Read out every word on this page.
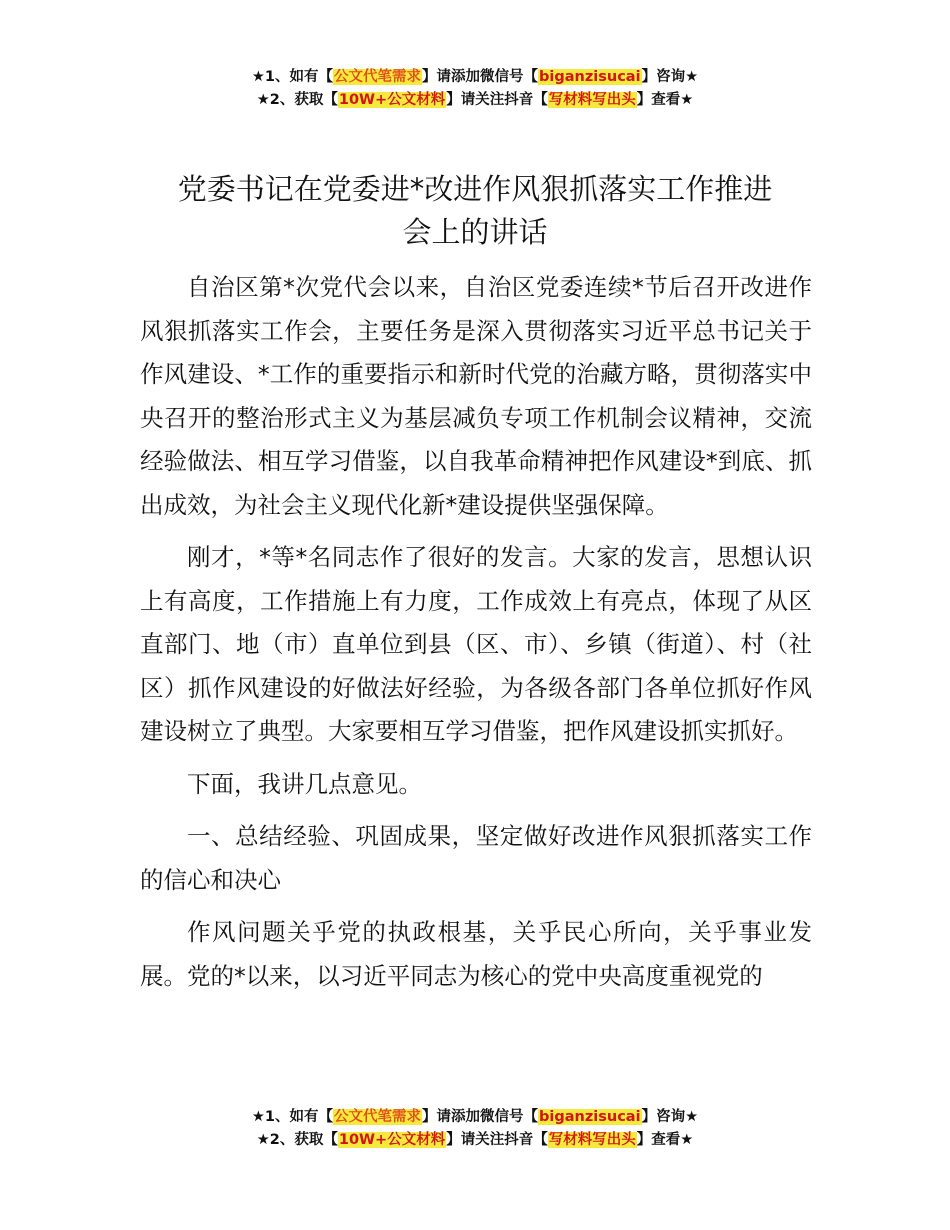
★1、如有【公文代笔需求】请添加微信号【biganzisucai】咨询★
★2、获取【10W+公文材料】请关注抖音【写材料写出头】查看★
党委书记在党委进*改进作风狠抓落实工作推进
会上的讲话

自治区第*次党代会以来，自治区党委连续*节后召开改进作风狠抓落实工作会，主要任务是深入贯彻落实习近平总书记关于作风建设、*工作的重要指示和新时代党的治藏方略，贯彻落实中央召开的整治形式主义为基层减负专项工作机制会议精神，交流经验做法、相互学习借鉴，以自我革命精神把作风建设*到底、抓出成效，为社会主义现代化新*建设提供坚强保障。

刚才，*等*名同志作了很好的发言。大家的发言，思想认识上有高度，工作措施上有力度，工作成效上有亮点，体现了从区直部门、地（市）直单位到县（区、市）、乡镇（街道）、村（社区）抓作风建设的好做法好经验，为各级各部门各单位抓好作风建设树立了典型。大家要相互学习借鉴，把作风建设抓实抓好。

下面，我讲几点意见。

一、总结经验、巩固成果，坚定做好改进作风狠抓落实工作的信心和决心

作风问题关乎党的执政根基，关乎民心所向，关乎事业发展。党的*以来，以习近平同志为核心的党中央高度重视党的

★1、如有【公文代笔需求】请添加微信号【biganzisucai】咨询★
★2、获取【10W+公文材料】请关注抖音【写材料写出头】查看★
